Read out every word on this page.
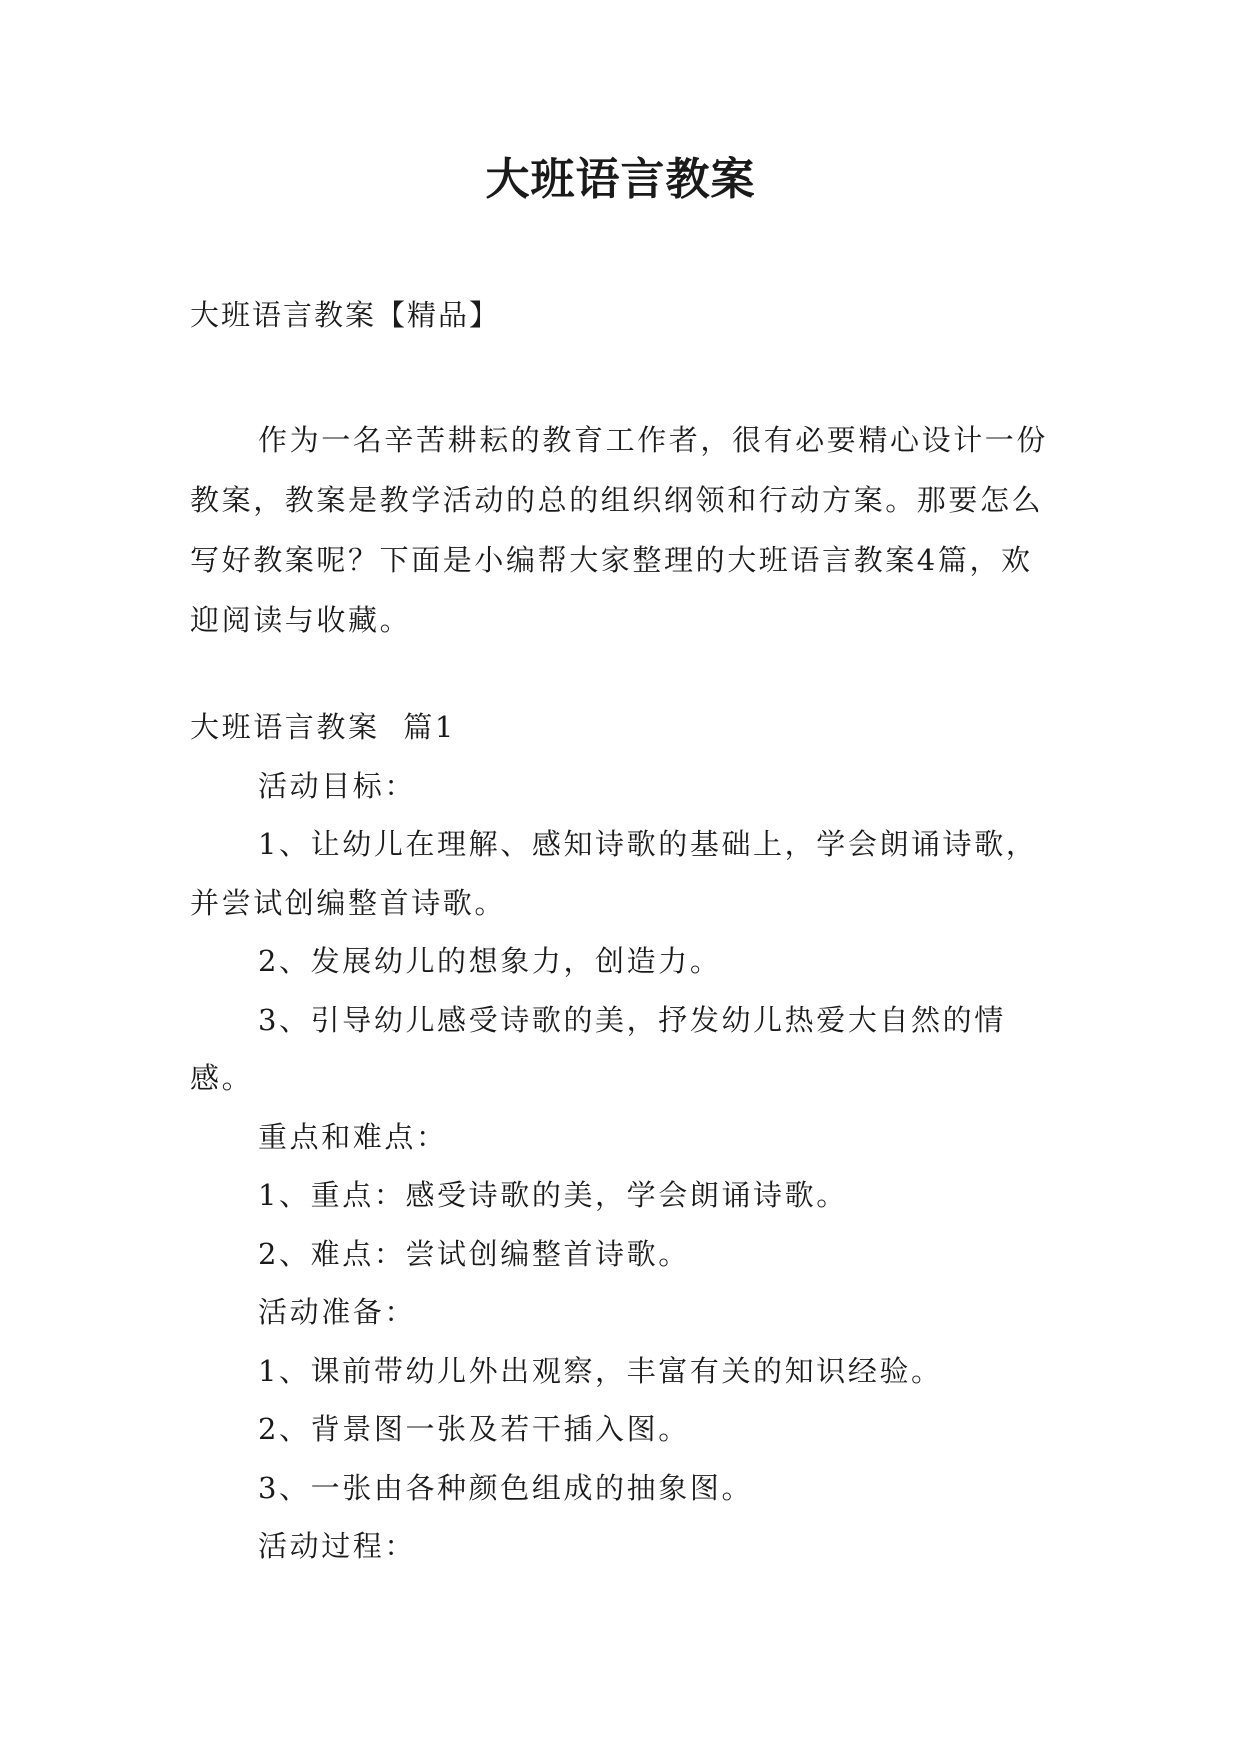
大班语言教案
大班语言教案【精品】

作为一名辛苦耕耘的教育工作者，很有必要精心设计一份教案，教案是教学活动的总的组织纲领和行动方案。那要怎么写好教案呢？下面是小编帮大家整理的大班语言教案4篇，欢迎阅读与收藏。

大班语言教案  篇1

活动目标：

1、让幼儿在理解、感知诗歌的基础上，学会朗诵诗歌，并尝试创编整首诗歌。

2、发展幼儿的想象力，创造力。

3、引导幼儿感受诗歌的美，抒发幼儿热爱大自然的情感。

重点和难点：

1、重点：感受诗歌的美，学会朗诵诗歌。

2、难点：尝试创编整首诗歌。

活动准备：

1、课前带幼儿外出观察，丰富有关的知识经验。

2、背景图一张及若干插入图。

3、一张由各种颜色组成的抽象图。

活动过程：
